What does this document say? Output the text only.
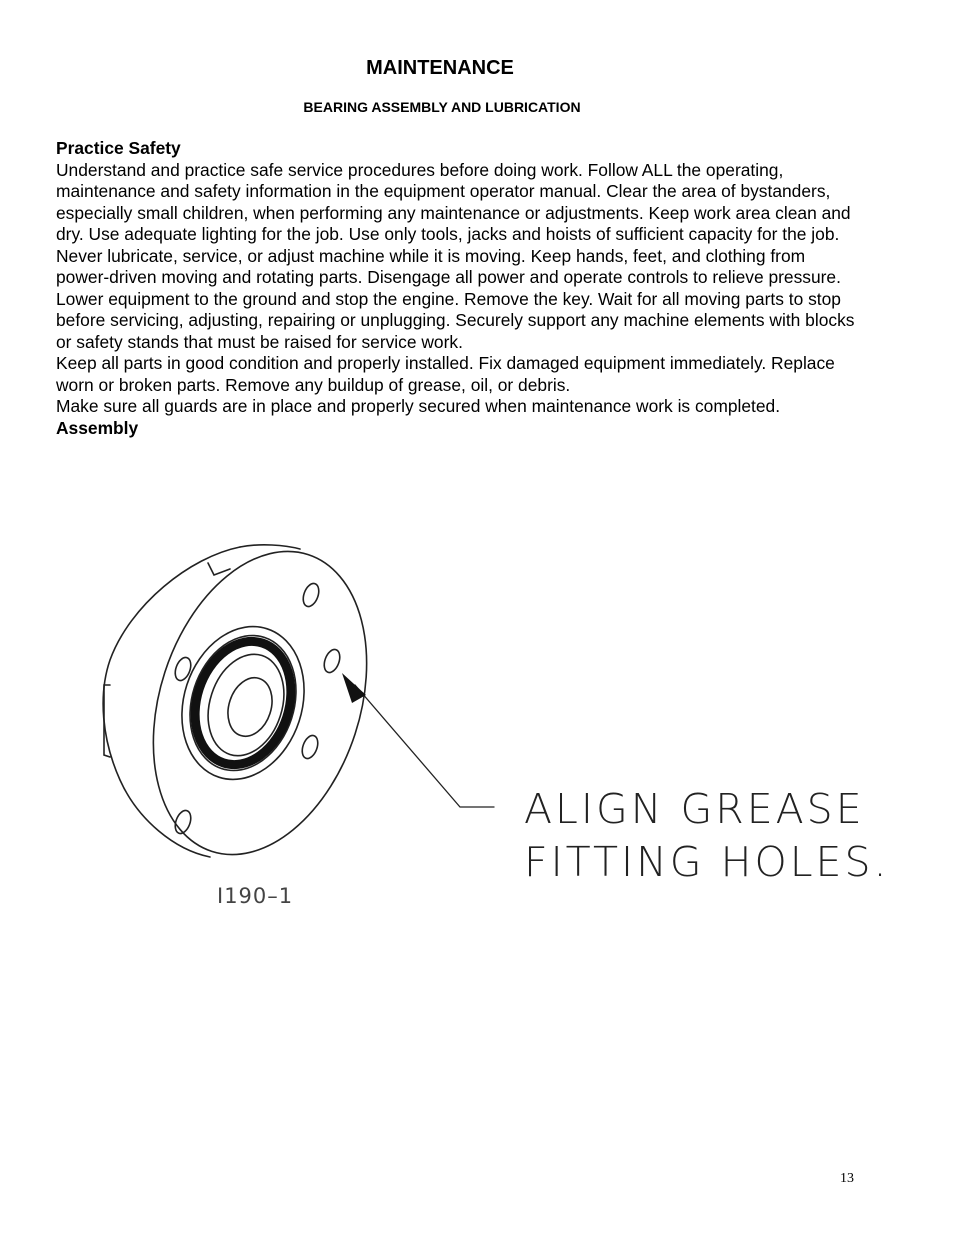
MAINTENANCE
BEARING ASSEMBLY AND LUBRICATION

Practice Safety

Understand and practice safe service procedures before doing work. Follow ALL the operating, maintenance and safety information in the equipment operator manual. Clear the area of bystanders, especially small children, when performing any maintenance or adjustments. Keep work area clean and dry. Use adequate lighting for the job. Use only tools, jacks and hoists of sufficient capacity for the job.

Never lubricate, service, or adjust machine while it is moving. Keep hands, feet, and clothing from power-driven moving and rotating parts. Disengage all power and operate controls to relieve pressure. Lower equipment to the ground and stop the engine. Remove the key. Wait for all moving parts to stop before servicing, adjusting, repairing or unplugging. Securely support any machine elements with blocks or safety stands that must be raised for service work.

Keep all parts in good condition and properly installed. Fix damaged equipment immediately. Replace worn or broken parts. Remove any buildup of grease, oil, or debris.

Make sure all guards are in place and properly secured when maintenance work is completed.

Assembly

ALIGN GREASE
FITTING HOLES.
I190–1
13
